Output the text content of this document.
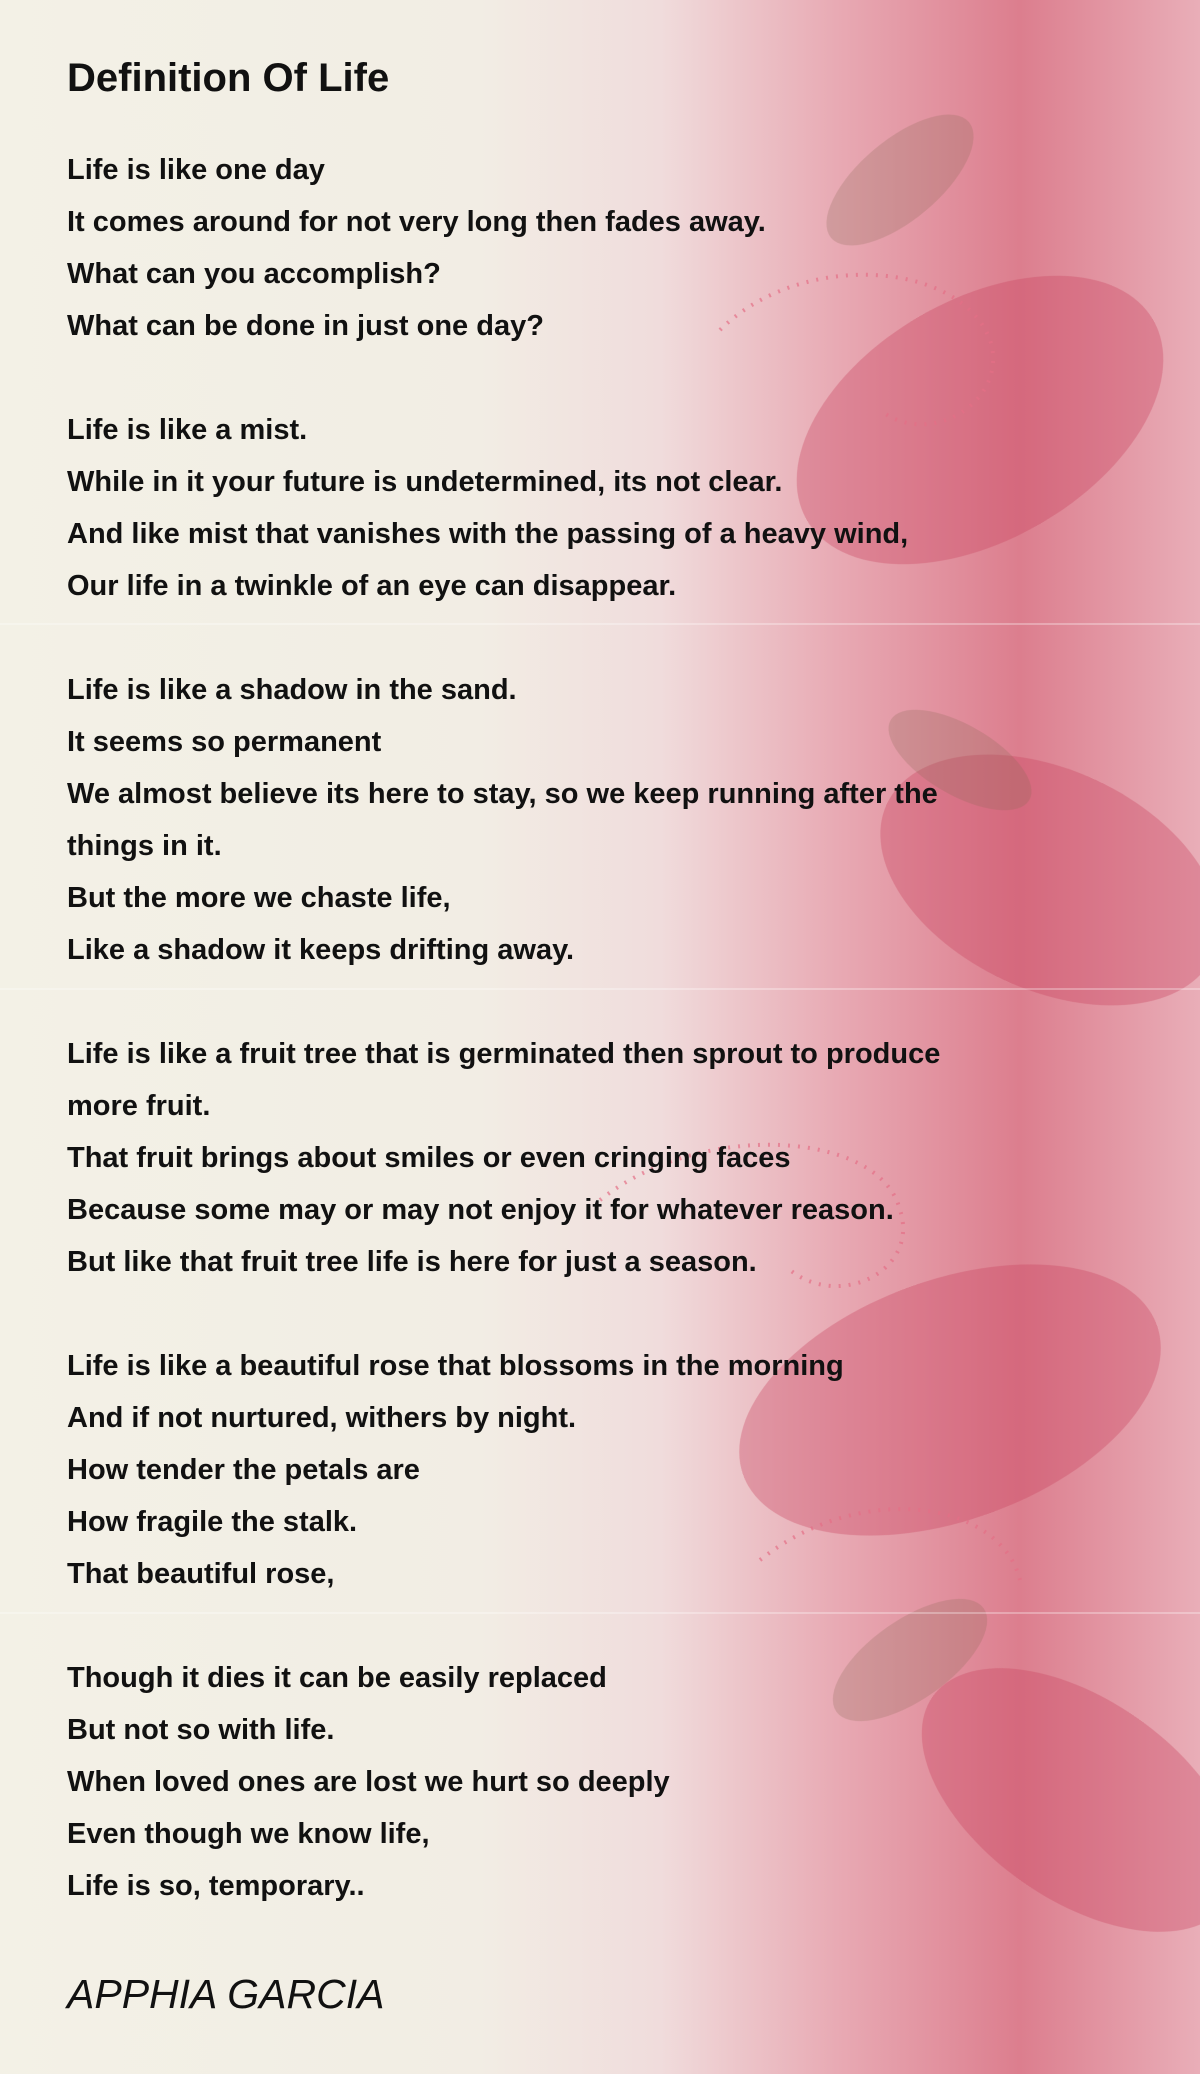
Definition Of Life
Life is like one day
It comes around for not very long then fades away.
What can you accomplish?
What can be done in just one day?
Life is like a mist.
While in it your future is undetermined, its not clear.
And like mist that vanishes with the passing of a heavy wind,
Our life in a twinkle of an eye can disappear.
Life is like a shadow in the sand.
It seems so permanent
We almost believe its here to stay, so we keep running after the
things in it.
But the more we chaste life,
Like a shadow it keeps drifting away.
Life is like a fruit tree that is germinated then sprout to produce
more fruit.
That fruit brings about smiles or even cringing faces
Because some may or may not enjoy it for whatever reason.
But like that fruit tree life is here for just a season.
Life is like a beautiful rose that blossoms in the morning
And if not nurtured, withers by night.
How tender the petals are
How fragile the stalk.
That beautiful rose,
Though it dies it can be easily replaced
But not so with life.
When loved ones are lost we hurt so deeply
Even though we know life,
Life is so, temporary..
APPHIA GARCIA
